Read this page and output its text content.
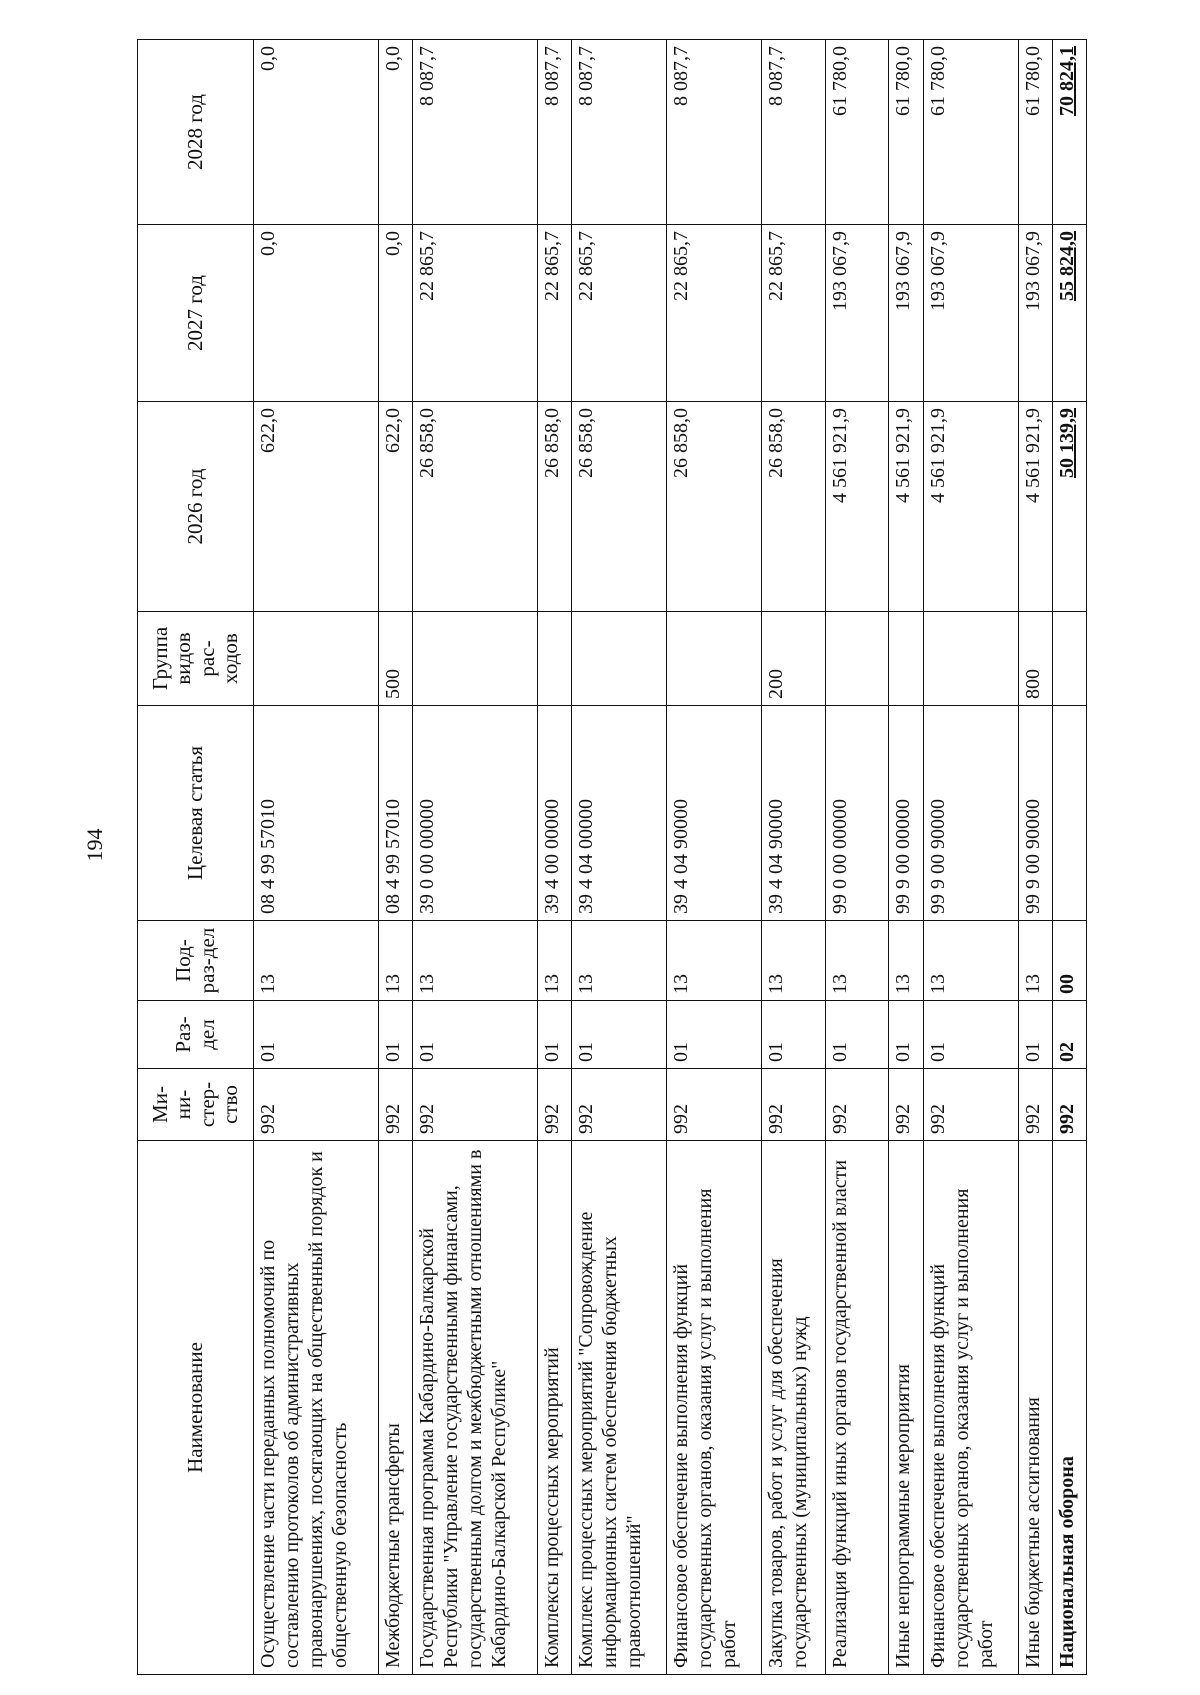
194
Наименование	Ми-ни-стер-ство	Раз-дел	Под-раз-дел	Целевая статья	Группа видов рас-ходов	2026 год	2027 год	2028 год
Осуществление части переданных полномочий по составлению протоколов об административных правонарушениях, посягающих на общественный порядок и общественную безопасность	992	01	13	08 4 99 57010		622,0	0,0	0,0
Межбюджетные трансферты	992	01	13	08 4 99 57010	500	622,0	0,0	0,0
Государственная программа Кабардино-Балкарской Республики "Управление государственными финансами, государственным долгом и межбюджетными отношениями в Кабардино-Балкарской Республике"	992	01	13	39 0 00 00000		26 858,0	22 865,7	8 087,7
Комплексы процессных мероприятий	992	01	13	39 4 00 00000		26 858,0	22 865,7	8 087,7
Комплекс процессных мероприятий "Сопровождение информационных систем обеспечения бюджетных правоотношений"	992	01	13	39 4 04 00000		26 858,0	22 865,7	8 087,7
Финансовое обеспечение выполнения функций государственных органов, оказания услуг и выполнения работ	992	01	13	39 4 04 90000		26 858,0	22 865,7	8 087,7
Закупка товаров, работ и услуг для обеспечения государственных (муниципальных) нужд	992	01	13	39 4 04 90000	200	26 858,0	22 865,7	8 087,7
Реализация функций иных органов государственной власти	992	01	13	99 0 00 00000		4 561 921,9	193 067,9	61 780,0
Иные непрограммные мероприятия	992	01	13	99 9 00 00000		4 561 921,9	193 067,9	61 780,0
Финансовое обеспечение выполнения функций государственных органов, оказания услуг и выполнения работ	992	01	13	99 9 00 90000		4 561 921,9	193 067,9	61 780,0
Иные бюджетные ассигнования	992	01	13	99 9 00 90000	800	4 561 921,9	193 067,9	61 780,0
Национальная оборона	992	02	00			50 139,9	55 824,0	70 824,1
